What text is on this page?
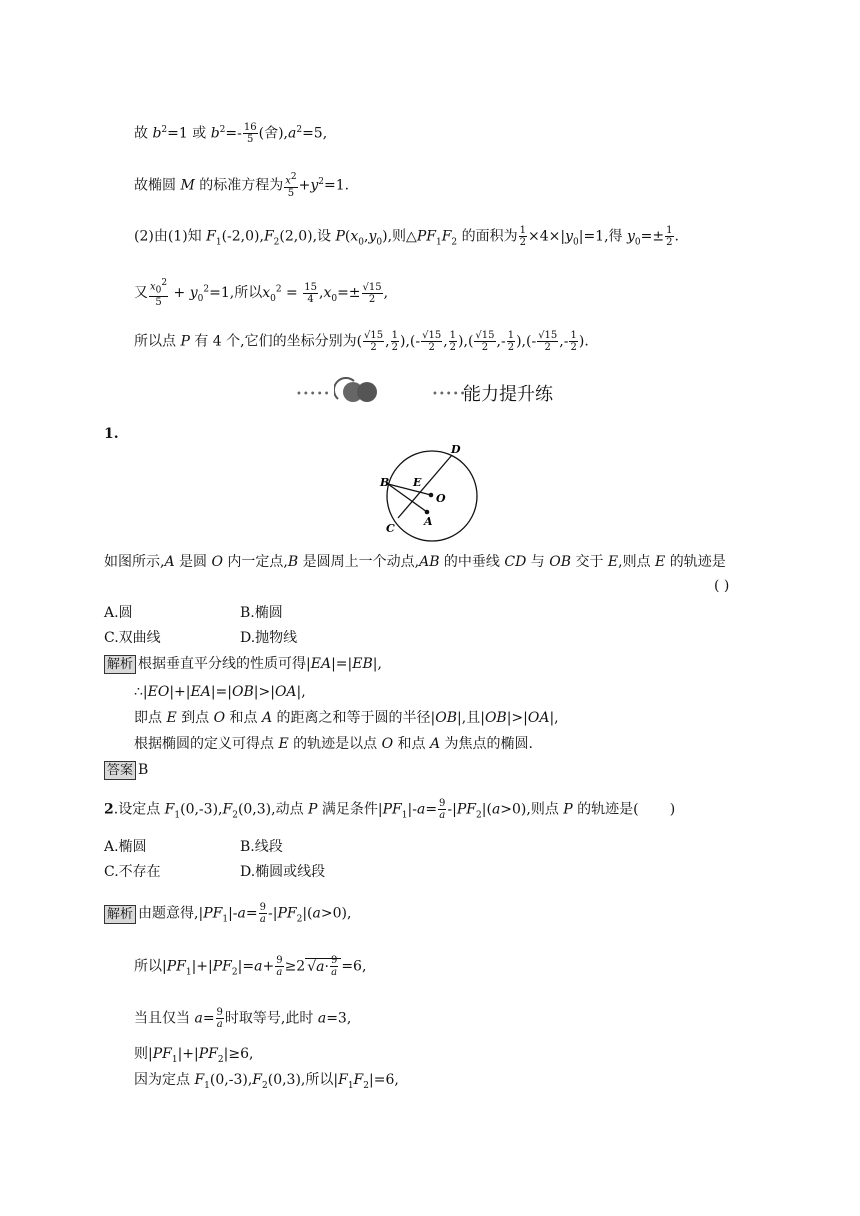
故 $b^2=1$ 或 $b^2=- \frac{16}{5}$ (舍)$,a^2=5$,
故椭圆 M 的标准方程为 $\frac{x^2}{5} +y^2=1$.
(2)由(1)知 $F_1(-2,0),F_2(2,0)$,设 $P(x_0,y_0)$,则$\triangle PF_1F_2$ 的面积为 $\frac{1}{2} \times 4\times|y_0|=1$,得 $y_0=\pm \frac{1}{2}$ .
又 $\frac{x_0^2}{5} + y_0^2=1$,所以$x_0^2 = \frac{15}{4} ,x_0=\pm \frac{√15}{2}$ ,
所以点 P 有 4 个,它们的坐标分别为( $\frac{√15}{2}$ , $\frac{1}{2}$ ),(- $\frac{√15}{2}$ , $\frac{1}{2}$ ),( $\frac{√15}{2}$ ,- $\frac{1}{2}$ ),(- $\frac{√15}{2}$ ,- $\frac{1}{2}$ ).
•••••	•••••
能力提升练
1.
D
B E
O
C
A
如图所示,A 是圆 O 内一定点,B 是圆周上一个动点,AB 的中垂线 CD 与 OB 交于 E,则点 E 的轨迹是
( )
A.圆	B.椭圆
C.双曲线	D.抛物线
解析 根据垂直平分线的性质可得|EA|=|EB|,
∴|EO|+|EA|=|OB|>|OA|,
即点 E 到点 O 和点 A 的距离之和等于圆的半径|OB|,且|OB|>|OA|,
根据椭圆的定义可得点 E 的轨迹是以点 O 和点 A 为焦点的椭圆.
答案 B
2.设定点 $F_1(0,-3),F_2(0,3)$,动点 P 满足条件$|PF_1|-a= \frac{9}{a} -|PF_2|(a>0)$,则点 P 的轨迹是(       )
A.椭圆	B.线段
C.不存在	D.椭圆或线段
解析 由题意得$,|PF_1|-a= \frac{9}{a} -|PF_2|(a>0)$,
所以$|PF_1|+|PF_2|=a+ \frac{9}{a} \ge 2$ $√a\cdot \frac{9}{a} =6$,
当且仅当 $a= \frac{9}{a}$ 时取等号,此时 a=3,
则$|PF_1|+|PF_2|\ge 6$,
因为定点 $F_1(0,-3),F_2(0,3)$,所以$|F_1F_2|=6$,
